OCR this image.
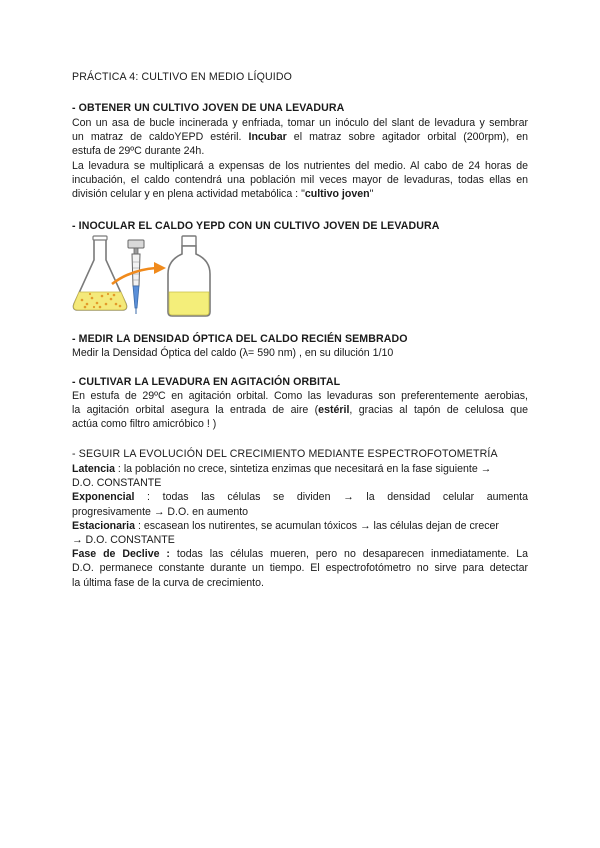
PRÁCTICA 4: CULTIVO EN MEDIO LÍQUIDO
- OBTENER UN CULTIVO JOVEN DE UNA LEVADURA
Con un asa de bucle incinerada y enfriada, tomar un inóculo del slant de levadura y sembrar
un matraz de caldoYEPD estéril. Incubar el matraz sobre agitador orbital (200rpm), en
estufa de 29ºC durante 24h.
La levadura se multiplicará a expensas de los nutrientes del medio. Al cabo de 24 horas de
incubación, el caldo contendrá una población mil veces mayor de levaduras, todas ellas en
división celular y en plena actividad metabólica : "cultivo joven"
- INOCULAR EL CALDO YEPD CON UN CULTIVO JOVEN DE LEVADURA
- MEDIR LA DENSIDAD ÓPTICA DEL CALDO RECIÉN SEMBRADO
Medir la Densidad Óptica del caldo (λ= 590 nm) , en su dilución 1/10
- CULTIVAR LA LEVADURA EN AGITACIÓN ORBITAL
En estufa de 29ºC en agitación orbital. Como las levaduras son preferentemente aerobias,
la agitación orbital asegura la entrada de aire (estéril, gracias al tapón de celulosa que
actúa como filtro amicróbico ! )
- SEGUIR LA EVOLUCIÓN DEL CRECIMIENTO MEDIANTE ESPECTROFOTOMETRÍA
Latencia : la población no crece, sintetiza enzimas que necesitará en la fase siguiente →
D.O. CONSTANTE
Exponencial : todas las células se dividen → la densidad celular aumenta
progresivamente → D.O. en aumento
Estacionaria : escasean los nutirentes, se acumulan tóxicos → las células dejan de crecer
→ D.O. CONSTANTE
Fase de Declive : todas las células mueren, pero no desaparecen inmediatamente. La
D.O. permanece constante durante un tiempo. El espectrofotómetro no sirve para detectar
la última fase de la curva de crecimiento.
